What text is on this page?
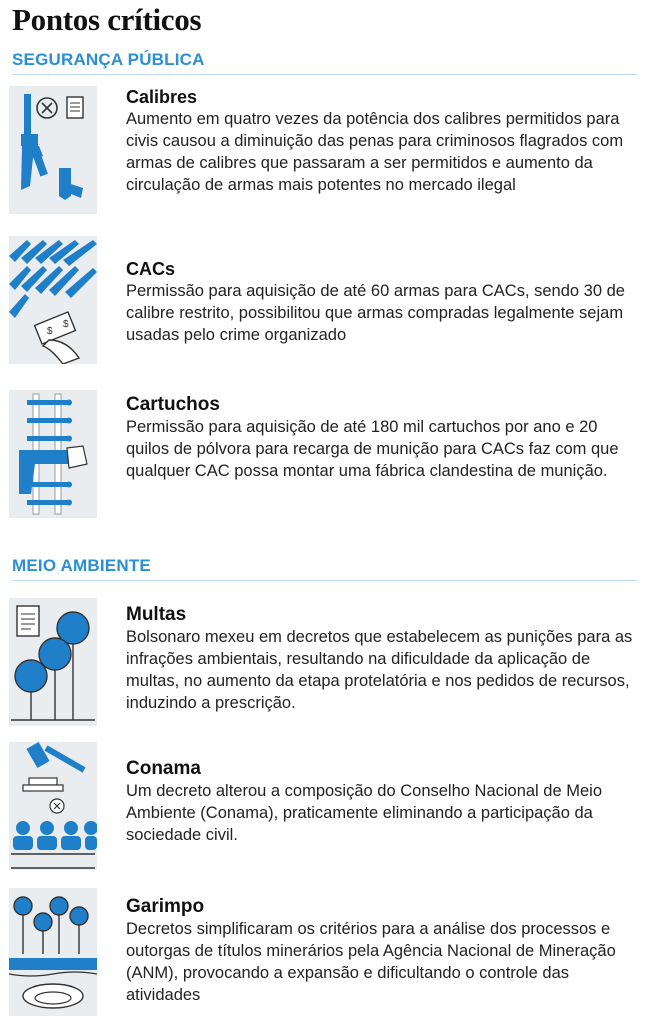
Pontos críticos
SEGURANÇA PÚBLICA
Calibres
Aumento em quatro vezes da potência dos calibres permitidos para civis causou a diminuição das penas para criminosos flagrados com armas de calibres que passaram a ser permitidos e aumento da circulação de armas mais potentes no mercado ilegal
$
$
CACs
Permissão para aquisição de até 60 armas para CACs, sendo 30 de calibre restrito, possibilitou que armas compradas legalmente sejam usadas pelo crime organizado
Cartuchos
Permissão para aquisição de até 180 mil cartuchos por ano e 20 quilos de pólvora para recarga de munição para CACs faz com que qualquer CAC possa montar uma fábrica clandestina de munição.
MEIO AMBIENTE
Multas
Bolsonaro mexeu em decretos que estabelecem as punições para as infrações ambientais, resultando na dificuldade da aplicação de multas, no aumento da etapa protelatória e nos pedidos de recursos, induzindo a prescrição.
Conama
Um decreto alterou a composição do Conselho Nacional de Meio Ambiente (Conama), praticamente eliminando a participação da sociedade civil.
Garimpo
Decretos simplificaram os critérios para a análise dos processos e outorgas de títulos minerários pela Agência Nacional de Mineração (ANM), provocando a expansão e dificultando o controle das atividades
